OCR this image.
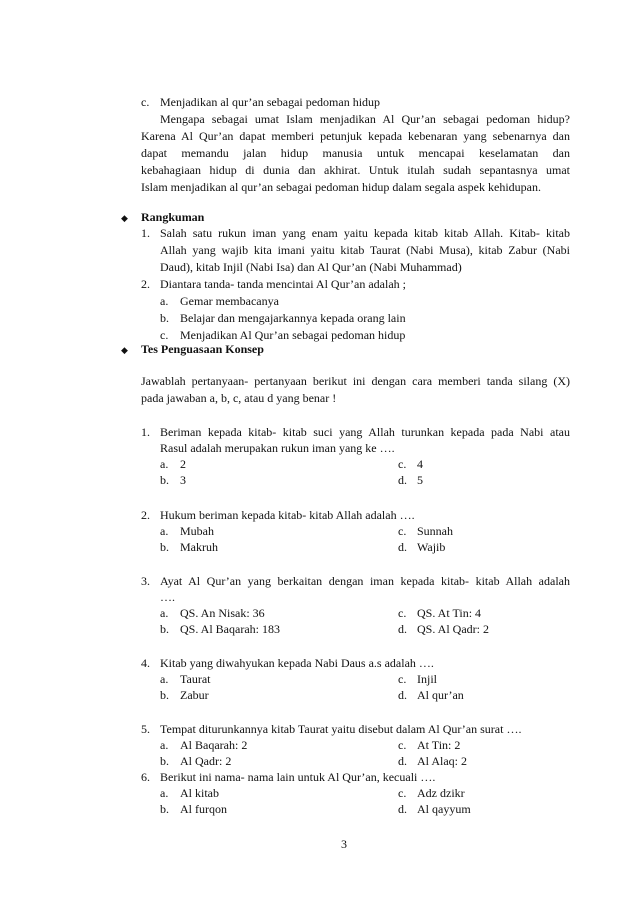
c. Menjadikan al qur’an sebagai pedoman hidup
Mengapa sebagai umat Islam menjadikan Al Qur’an sebagai pedoman hidup?
Karena Al Qur’an dapat memberi petunjuk kepada kebenaran yang sebenarnya dan
dapat memandu jalan hidup manusia untuk mencapai keselamatan dan
kebahagiaan hidup di dunia dan akhirat. Untuk itulah sudah sepantasnya umat
Islam menjadikan al qur’an sebagai pedoman hidup dalam segala aspek kehidupan.
◆ Rangkuman
1. Salah satu rukun iman yang enam yaitu kepada kitab kitab Allah. Kitab- kitab
Allah yang wajib kita imani yaitu kitab Taurat (Nabi Musa), kitab Zabur (Nabi
Daud), kitab Injil (Nabi Isa) dan Al Qur’an (Nabi Muhammad)
2. Diantara tanda- tanda mencintai Al Qur’an adalah ;
a. Gemar membacanya
b. Belajar dan mengajarkannya kepada orang lain
c. Menjadikan Al Qur’an sebagai pedoman hidup
◆ Tes Penguasaan Konsep
Jawablah pertanyaan- pertanyaan berikut ini dengan cara memberi tanda silang (X)
pada jawaban a, b, c, atau d yang benar !
1. Beriman kepada kitab- kitab suci yang Allah turunkan kepada pada Nabi atau
Rasul adalah merupakan rukun iman yang ke ….
a. 2	c. 4
b. 3	d. 5
2. Hukum beriman kepada kitab- kitab Allah adalah ….
a. Mubah	c. Sunnah
b. Makruh	d. Wajib
3. Ayat Al Qur’an yang berkaitan dengan iman kepada kitab- kitab Allah adalah
….
a. QS. An Nisak: 36	c. QS. At Tin: 4
b. QS. Al Baqarah: 183	d. QS. Al Qadr: 2
4. Kitab yang diwahyukan kepada Nabi Daus a.s adalah ….
a. Taurat	c. Injil
b. Zabur	d. Al qur’an
5. Tempat diturunkannya kitab Taurat yaitu disebut dalam Al Qur’an surat ….
a. Al Baqarah: 2	c. At Tin: 2
b. Al Qadr: 2	d. Al Alaq: 2
6. Berikut ini nama- nama lain untuk Al Qur’an, kecuali ….
a. Al kitab	c. Adz dzikr
b. Al furqon	d. Al qayyum
3
